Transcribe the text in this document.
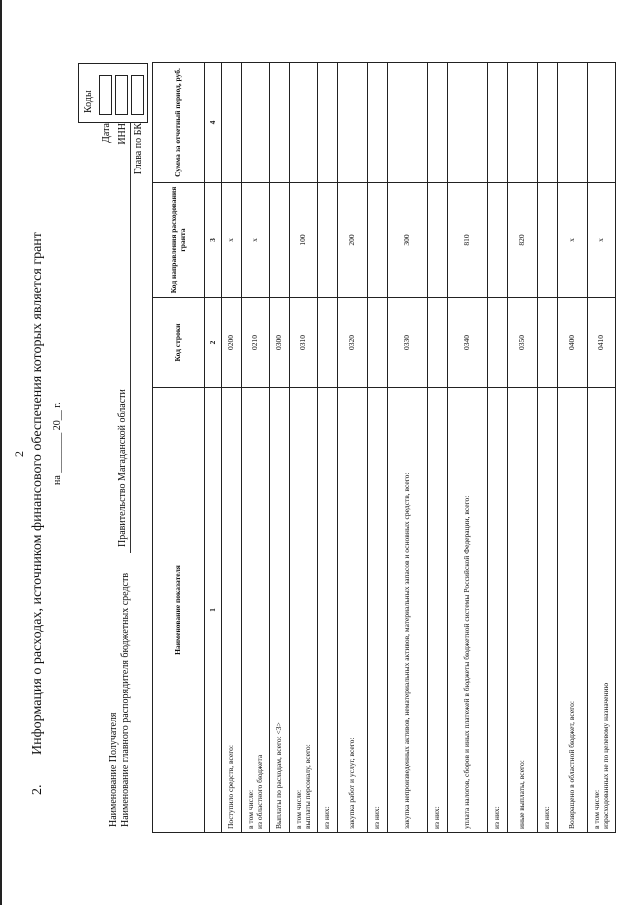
2
2. Информация о расходах, источником финансового обеспечения которых является грант на ________ 20__ г.
Наименование Получателя Наименование главного распорядителя бюджетных средств
Правительство Магаданской области
Коды
Дата ИНН Глава по БК
Наименование показателя	Код строки	Код направления расходования гранта	Сумма за отчетный период, руб.
1	2	3	4
Поступило средств, всего:	0200	x	

в том числе: из областного бюджета	0210	x	
Выплаты по расходам, всего: <3>	0300		

в том числе: выплаты персоналу, всего:	0310	100	
из них:			
закупка работ и услуг, всего:	0320	200	
из них:			
закупка непроизведенных активов, нематериальных активов, материальных запасов и основных средств, всего:	0330	300	
из них:			
уплата налогов, сборов и иных платежей в бюджеты бюджетной системы Российской Федерации, всего:	0340	810	
из них:			
иные выплаты, всего:	0350	820	
из них:			
Возвращено в областной бюджет, всего:	0400	x	

в том числе: израсходованных не по целевому назначению	0410	x	
